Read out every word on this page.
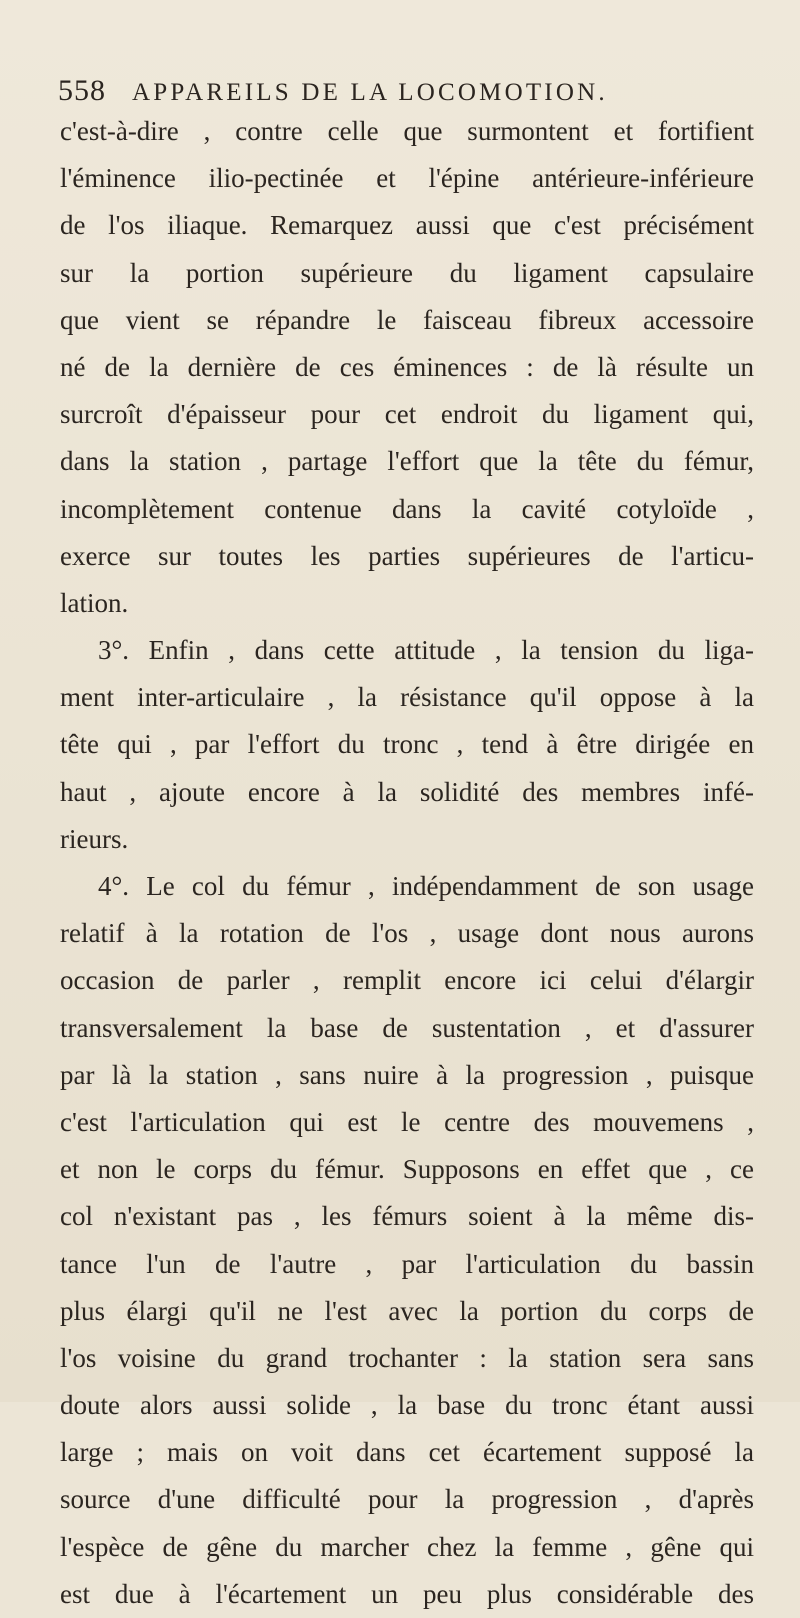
558 APPAREILS DE LA LOCOMOTION.
c'est-à-dire , contre celle que surmontent et fortifient
l'éminence ilio-pectinée et l'épine antérieure-inférieure
de l'os iliaque. Remarquez aussi que c'est précisément
sur la portion supérieure du ligament capsulaire
que vient se répandre le faisceau fibreux accessoire
né de la dernière de ces éminences : de là résulte un
surcroît d'épaisseur pour cet endroit du ligament qui,
dans la station , partage l'effort que la tête du fémur,
incomplètement contenue dans la cavité cotyloïde ,
exerce sur toutes les parties supérieures de l'articu-
lation.
3°. Enfin , dans cette attitude , la tension du liga-
ment inter-articulaire , la résistance qu'il oppose à la
tête qui , par l'effort du tronc , tend à être dirigée en
haut , ajoute encore à la solidité des membres infé-
rieurs.
4°. Le col du fémur , indépendamment de son usage
relatif à la rotation de l'os , usage dont nous aurons
occasion de parler , remplit encore ici celui d'élargir
transversalement la base de sustentation , et d'assurer
par là la station , sans nuire à la progression , puisque
c'est l'articulation qui est le centre des mouvemens ,
et non le corps du fémur. Supposons en effet que , ce
col n'existant pas , les fémurs soient à la même dis-
tance l'un de l'autre , par l'articulation du bassin
plus élargi qu'il ne l'est avec la portion du corps de
l'os voisine du grand trochanter : la station sera sans
doute alors aussi solide , la base du tronc étant aussi
large ; mais on voit dans cet écartement supposé la
source d'une difficulté pour la progression , d'après
l'espèce de gêne du marcher chez la femme , gêne qui
est due à l'écartement un peu plus considérable des
